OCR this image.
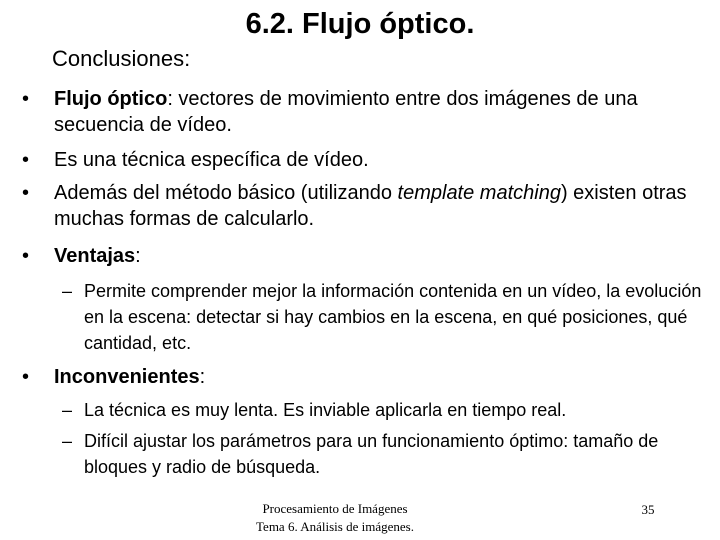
6.2. Flujo óptico.
Conclusiones:
•	Flujo óptico: vectores de movimiento entre dos imágenes de una secuencia de vídeo.
•	Es una técnica específica de vídeo.
•	Además del método básico (utilizando template matching) existen otras muchas formas de calcularlo.
•	Ventajas:
– Permite comprender mejor la información contenida en un vídeo, la evolución en la escena: detectar si hay cambios en la escena, en qué posiciones, qué cantidad, etc.
•	Inconvenientes:
– La técnica es muy lenta. Es inviable aplicarla en tiempo real.
– Difícil ajustar los parámetros para un funcionamiento óptimo: tamaño de bloques y radio de búsqueda.
Procesamiento de Imágenes
Tema 6. Análisis de imágenes.
35
